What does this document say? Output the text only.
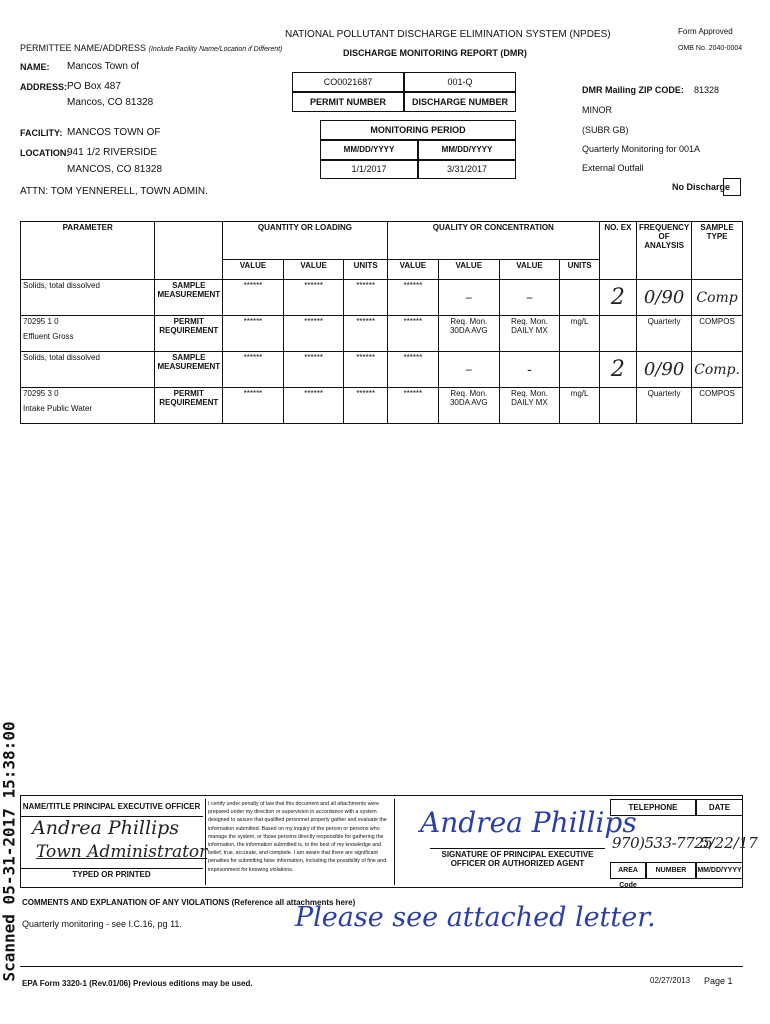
NATIONAL POLLUTANT DISCHARGE ELIMINATION SYSTEM (NPDES)
DISCHARGE MONITORING REPORT (DMR)
Form Approved
OMB No. 2040-0004
PERMITTEE NAME/ADDRESS (Include Facility Name/Location if Different)
NAME: Mancos Town of
ADDRESS: PO Box 487
Mancos, CO 81328
FACILITY: MANCOS TOWN OF
LOCATION:
941 1/2 RIVERSIDE
MANCOS, CO 81328
ATTN: TOM YENNERELL, TOWN ADMIN.
CO0021687	001-Q
PERMIT NUMBER	DISCHARGE NUMBER
MONITORING PERIOD
MM/DD/YYYY	MM/DD/YYYY
1/1/2017	3/31/2017
DMR Mailing ZIP CODE: 81328
MINOR
(SUBR GB)
Quarterly Monitoring for 001A
External Outfall
No Discharge
PARAMETER		QUANTITY OR LOADING			QUALITY OR CONCENTRATION				NO. EX	FREQUENCY OF ANALYSIS	SAMPLE TYPE
		VALUE	VALUE	UNITS	VALUE	VALUE	VALUE	UNITS			

Solids, total dissolved	SAMPLE MEASUREMENT	******	******	******	******	–	–		2	0/90	Comp

70295 1 0
Effluent Gross	PERMIT REQUIREMENT	******	******	******	******	Req. Mon. 30DA AVG	Req. Mon. DAILY MX	mg/L		Quarterly	COMPOS

Solids, total dissolved	SAMPLE MEASUREMENT	******	******	******	******	–	-		2	0/90	Comp.

70295 3 0
Intake Public Water	PERMIT REQUIREMENT	******	******	******	******	Req. Mon. 30DA AVG	Req. Mon. DAILY MX	mg/L		Quarterly	COMPOS
NAME/TITLE PRINCIPAL EXECUTIVE OFFICER
Andrea Phillips
Town Administrator
TYPED OR PRINTED
I certify under penalty of law that this document and all attachments were prepared under my direction or supervision in accordance with a system designed to assure that qualified personnel properly gather and evaluate the information submitted. Based on my inquiry of the person or persons who manage the system, or those persons directly responsible for gathering the information, the information submitted is, to the best of my knowledge and belief, true, accurate, and complete. I am aware that there are significant penalties for submitting false information, including the possibility of fine and imprisonment for knowing violations.
Andrea Phillips
SIGNATURE OF PRINCIPAL EXECUTIVE OFFICER OR AUTHORIZED AGENT
TELEPHONE	DATE
970)533-7725
5/22/17
AREA Code
NUMBER	MM/DD/YYYY
COMMENTS AND EXPLANATION OF ANY VIOLATIONS (Reference all attachments here)
Quarterly monitoring - see I.C.16, pg 11.	Please see attached letter.
EPA Form 3320-1 (Rev.01/06) Previous editions may be used.	02/27/2013 Page 1
Scanned 05-31-2017 15:38:00
